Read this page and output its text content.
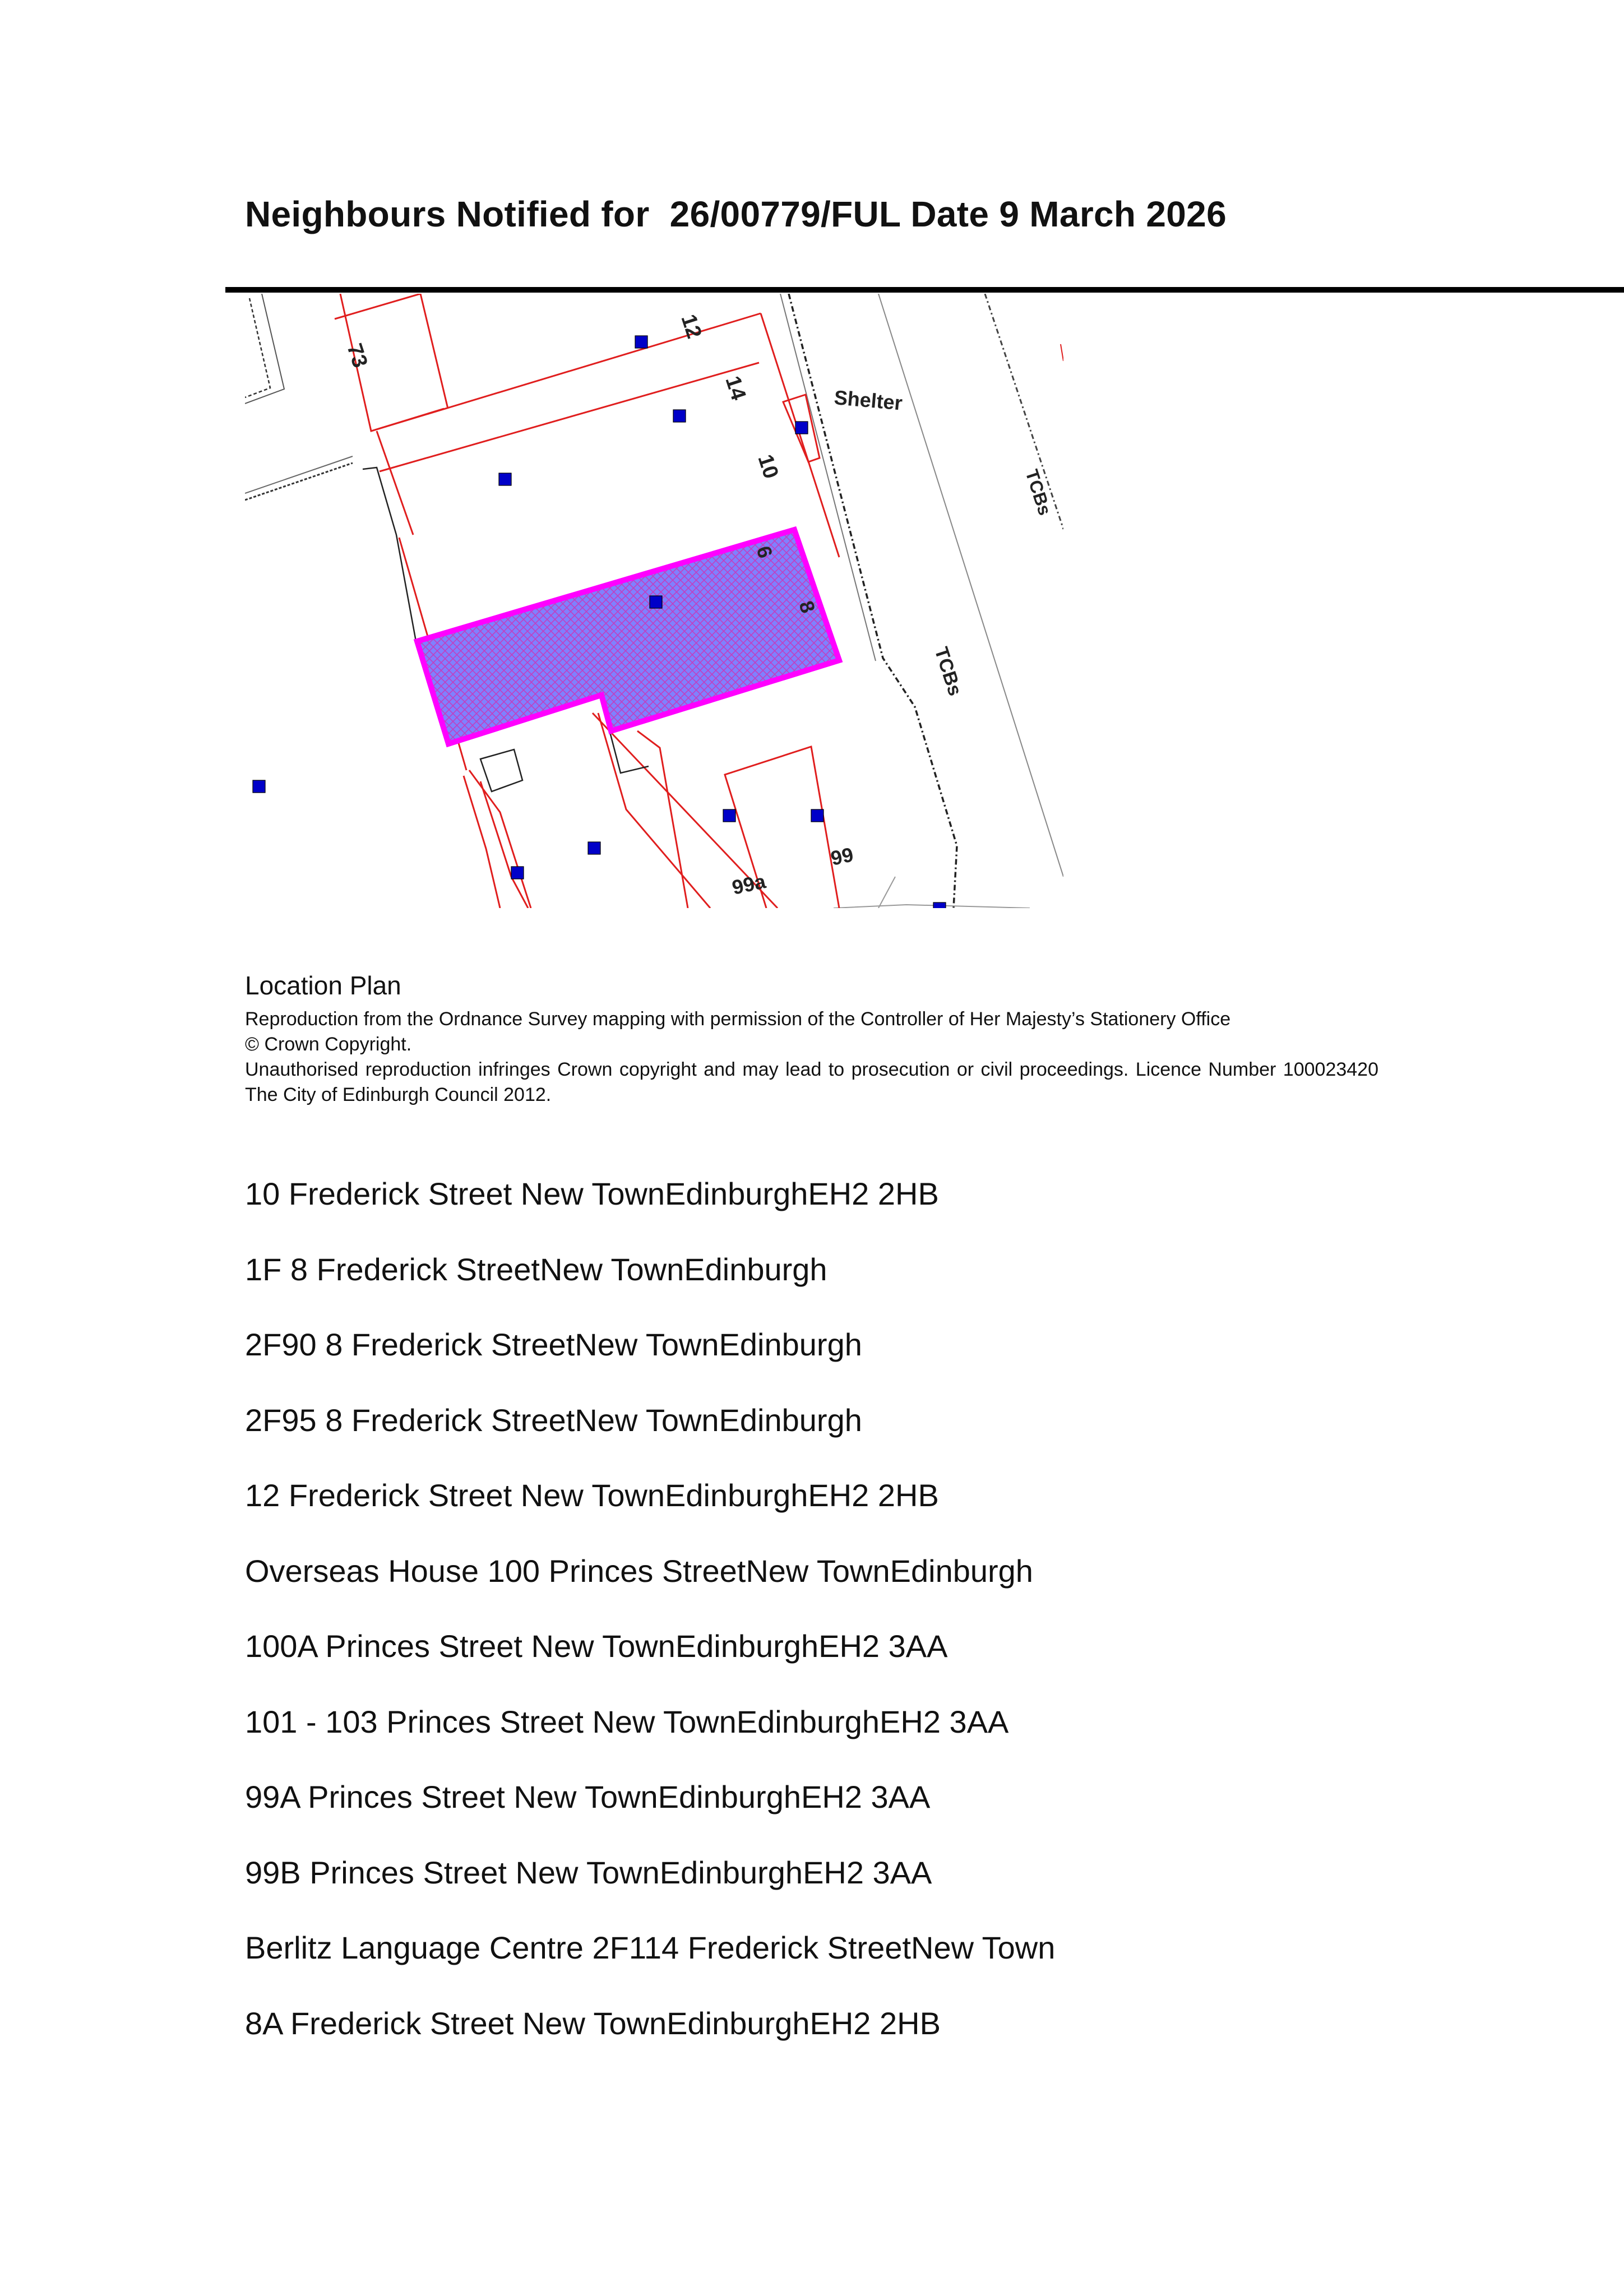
Neighbours Notified for  26/00779/FUL Date 9 March 2026
12
14
10
73
6
8
Shelter
TCBs
TCBs
99
99a

Location Plan

Reproduction from the Ordnance Survey mapping with permission of the Controller of Her Majesty’s Stationery Office

© Crown Copyright.

Unauthorised reproduction infringes Crown copyright and may lead to prosecution or civil proceedings. Licence Number 100023420 The City of Edinburgh Council 2012.

10 Frederick Street New TownEdinburghEH2 2HB
1F 8 Frederick StreetNew TownEdinburgh
2F90 8 Frederick StreetNew TownEdinburgh
2F95 8 Frederick StreetNew TownEdinburgh
12 Frederick Street New TownEdinburghEH2 2HB
Overseas House 100 Princes StreetNew TownEdinburgh
100A Princes Street New TownEdinburghEH2 3AA
101 - 103 Princes Street New TownEdinburghEH2 3AA
99A Princes Street New TownEdinburghEH2 3AA
99B Princes Street New TownEdinburghEH2 3AA
Berlitz Language Centre 2F114 Frederick StreetNew Town
8A Frederick Street New TownEdinburghEH2 2HB
